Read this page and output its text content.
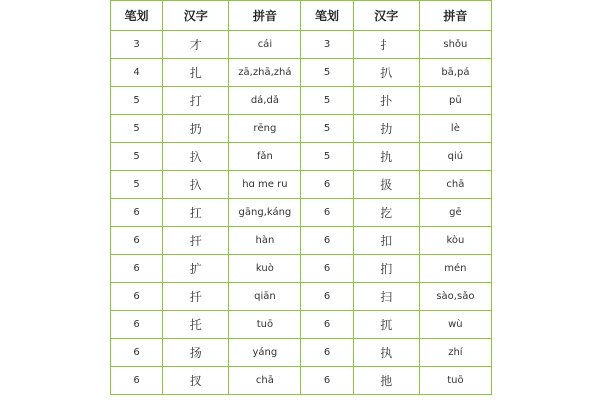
笔划	汉字	拼音	笔划	汉字	拼音
3	才	cái	3	扌	shǒu
4	扎	zā,zhā,zhá	5	扒	bā,pá
5	打	dá,dǎ	5	扑	pū
5	扔	rēng	5	扐	lè
5	扖	fǎn	5	扏	qiú
5	扖	hɑ me ru	6	扱	chā
6	扛	gāng,káng	6	扢	gē
6	扞	hàn	6	扣	kòu
6	扩	kuò	6	扪	mén
6	扦	qiān	6	扫	sào,sǎo
6	托	tuō	6	扤	wù
6	扬	yáng	6	执	zhí
6	扠	chā	6	扡	tuō
